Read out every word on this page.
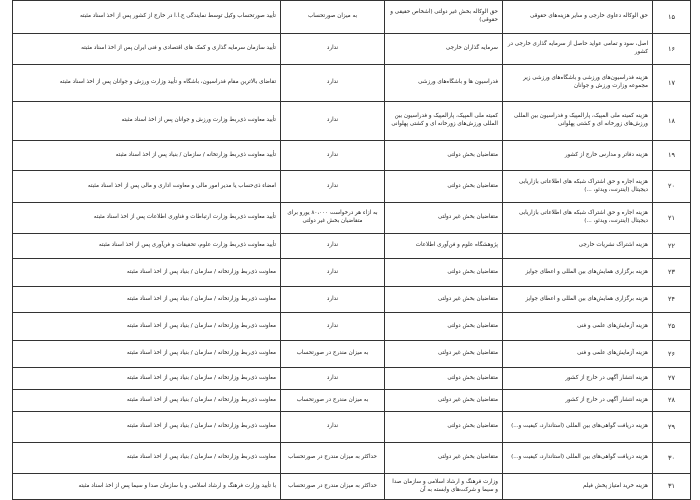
۱۵	حق الوکاله دعاوی خارجی و سایر هزینه‌های حقوقی	حق الوکاله بخش غیر دولتی (اشخاص حقیقی و حقوقی)	به میزان صورتحساب	تأیید صورتحساب وکیل توسط نمایندگی ج.ا.ا در خارج از کشور پس از اخذ اسناد مثبته
۱۶	اصل، سود و تمامی عواید حاصل از سرمایه گذاری خارجی در کشور	سرمایه گذاران خارجی	ندارد	تأیید سازمان سرمایه گذاری و کمک های اقتصادی و فنی ایران پس از اخذ اسناد مثبته
۱۷	هزینه فدراسیون‌های ورزشی و باشگاه‌های ورزشی زیر مجموعه وزارت ورزش و جوانان	فدراسیون ها و باشگاه‌های ورزشی	ندارد	تقاضای بالاترین مقام فدراسیون، باشگاه و تأیید وزارت ورزش و جوانان پس از اخذ اسناد مثبته
۱۸	هزینه کمیته ملی المپیک، پارالمپیک و فدراسیون بین المللی ورزش‌های زورخانه ای و کشتی پهلوانی	کمیته ملی المپیک، پارالمپیک و فدراسیون بین المللی ورزش‌های زورخانه ای و کشتی پهلوانی	ندارد	تأیید معاونت ذی‌ربط وزارت ورزش و جوانان پس از اخذ اسناد مثبته
۱۹	هزینه دفاتر و مدارس خارج از کشور	متقاضیان بخش دولتی	ندارد	تأیید معاونت ذی‌ربط وزارتخانه / سازمان / بنیاد پس از اخذ اسناد مثبته
۲۰	هزینه اجاره و حق اشتراک شبکه های اطلاعاتی بازاریابی دیجیتال (اینترنت، ویدئو، ...)	متقاضیان بخش دولتی	ندارد	امضاء ذی‌حساب یا مدیر امور مالی و معاونت اداری و مالی پس از اخذ اسناد مثبته
۲۱	هزینه اجاره و حق اشتراک شبکه های اطلاعاتی بازاریابی دیجیتال (اینترنت، ویدئو، ...)	متقاضیان بخش غیر دولتی	به ازاء هر درخواست ۸۰،۰۰۰ یورو برای متقاضیان بخش غیر دولتی	تأیید معاونت ذی‌ربط وزارت ارتباطات و فناوری اطلاعات پس از اخذ اسناد مثبته
۲۲	هزینه اشتراک نشریات خارجی	پژوهشگاه علوم و فن‌آوری اطلاعات	ندارد	تأیید معاونت ذی‌ربط وزارت علوم، تحقیقات و فن‌آوری پس از اخذ اسناد مثبته
۲۳	هزینه برگزاری همایش‌های بین المللی و اعطای جوایز	متقاضیان بخش دولتی	ندارد	معاونت ذی‌ربط وزارتخانه / سازمان / بنیاد پس از اخذ اسناد مثبته
۲۴	هزینه برگزاری همایش‌های بین المللی و اعطای جوایز	متقاضیان بخش غیر دولتی	ندارد	معاونت ذی‌ربط وزارتخانه / سازمان / بنیاد پس از اخذ اسناد مثبته
۲۵	هزینه آزمایش‌های علمی و فنی	متقاضیان بخش دولتی	ندارد	معاونت ذی‌ربط وزارتخانه / سازمان / بنیاد پس از اخذ اسناد مثبته
۲۶	هزینه آزمایش‌های علمی و فنی	متقاضیان بخش غیر دولتی	به میزان مندرج در صورتحساب	معاونت ذی‌ربط وزارتخانه / سازمان / بنیاد پس از اخذ اسناد مثبته
۲۷	هزینه انتشار آگهی در خارج از کشور	متقاضیان بخش دولتی	ندارد	معاونت ذی‌ربط وزارتخانه / سازمان / بنیاد پس از اخذ اسناد مثبته
۲۸	هزینه انتشار آگهی در خارج از کشور	متقاضیان بخش غیر دولتی	به میزان مندرج در صورتحساب	معاونت ذی‌ربط وزارتخانه / سازمان / بنیاد پس از اخذ اسناد مثبته
۲۹	هزینه دریافت گواهی‌های بین المللی (استاندارد، کیفیت و...)	متقاضیان بخش دولتی	ندارد	معاونت ذی‌ربط وزارتخانه / سازمان / بنیاد پس از اخذ اسناد مثبته
۳۰	هزینه دریافت گواهی‌های بین المللی (استاندارد، کیفیت و...)	متقاضیان بخش غیر دولتی	حداکثر به میزان مندرج در صورتحساب	معاونت ذی‌ربط وزارتخانه / سازمان / بنیاد پس از اخذ اسناد مثبته
۳۱	هزینه خرید امتیاز پخش فیلم	وزارت فرهنگ و ارشاد اسلامی و سازمان صدا و سیما و شرکت‌های وابسته به آن	حداکثر به میزان مندرج در صورتحساب	با تأیید وزارت فرهنگ و ارشاد اسلامی و یا سازمان صدا و سیما پس از اخذ اسناد مثبته
